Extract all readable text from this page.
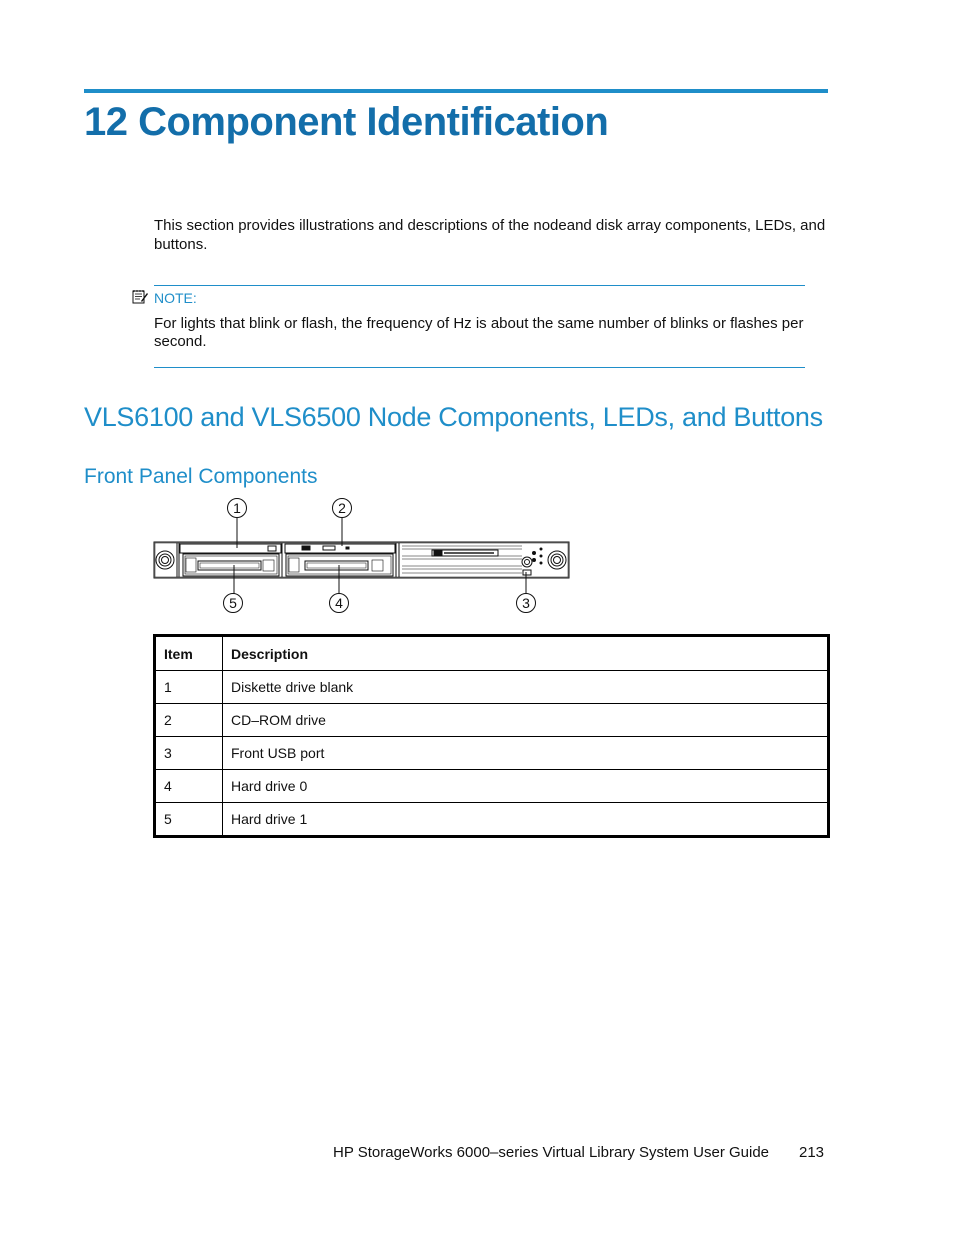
12 Component Identification

This section provides illustrations and descriptions of the nodeand disk array components, LEDs, and buttons.

NOTE:

For lights that blink or flash, the frequency of Hz is about the same number of blinks or flashes per second.

VLS6100 and VLS6500 Node Components, LEDs, and Buttons
Front Panel Components
1	2
3
4
5
Item	Description
1	Diskette drive blank
2	CD–ROM drive
3	Front USB port
4	Hard drive 0
5	Hard drive 1
HP StorageWorks 6000–series Virtual Library System User Guide 213
